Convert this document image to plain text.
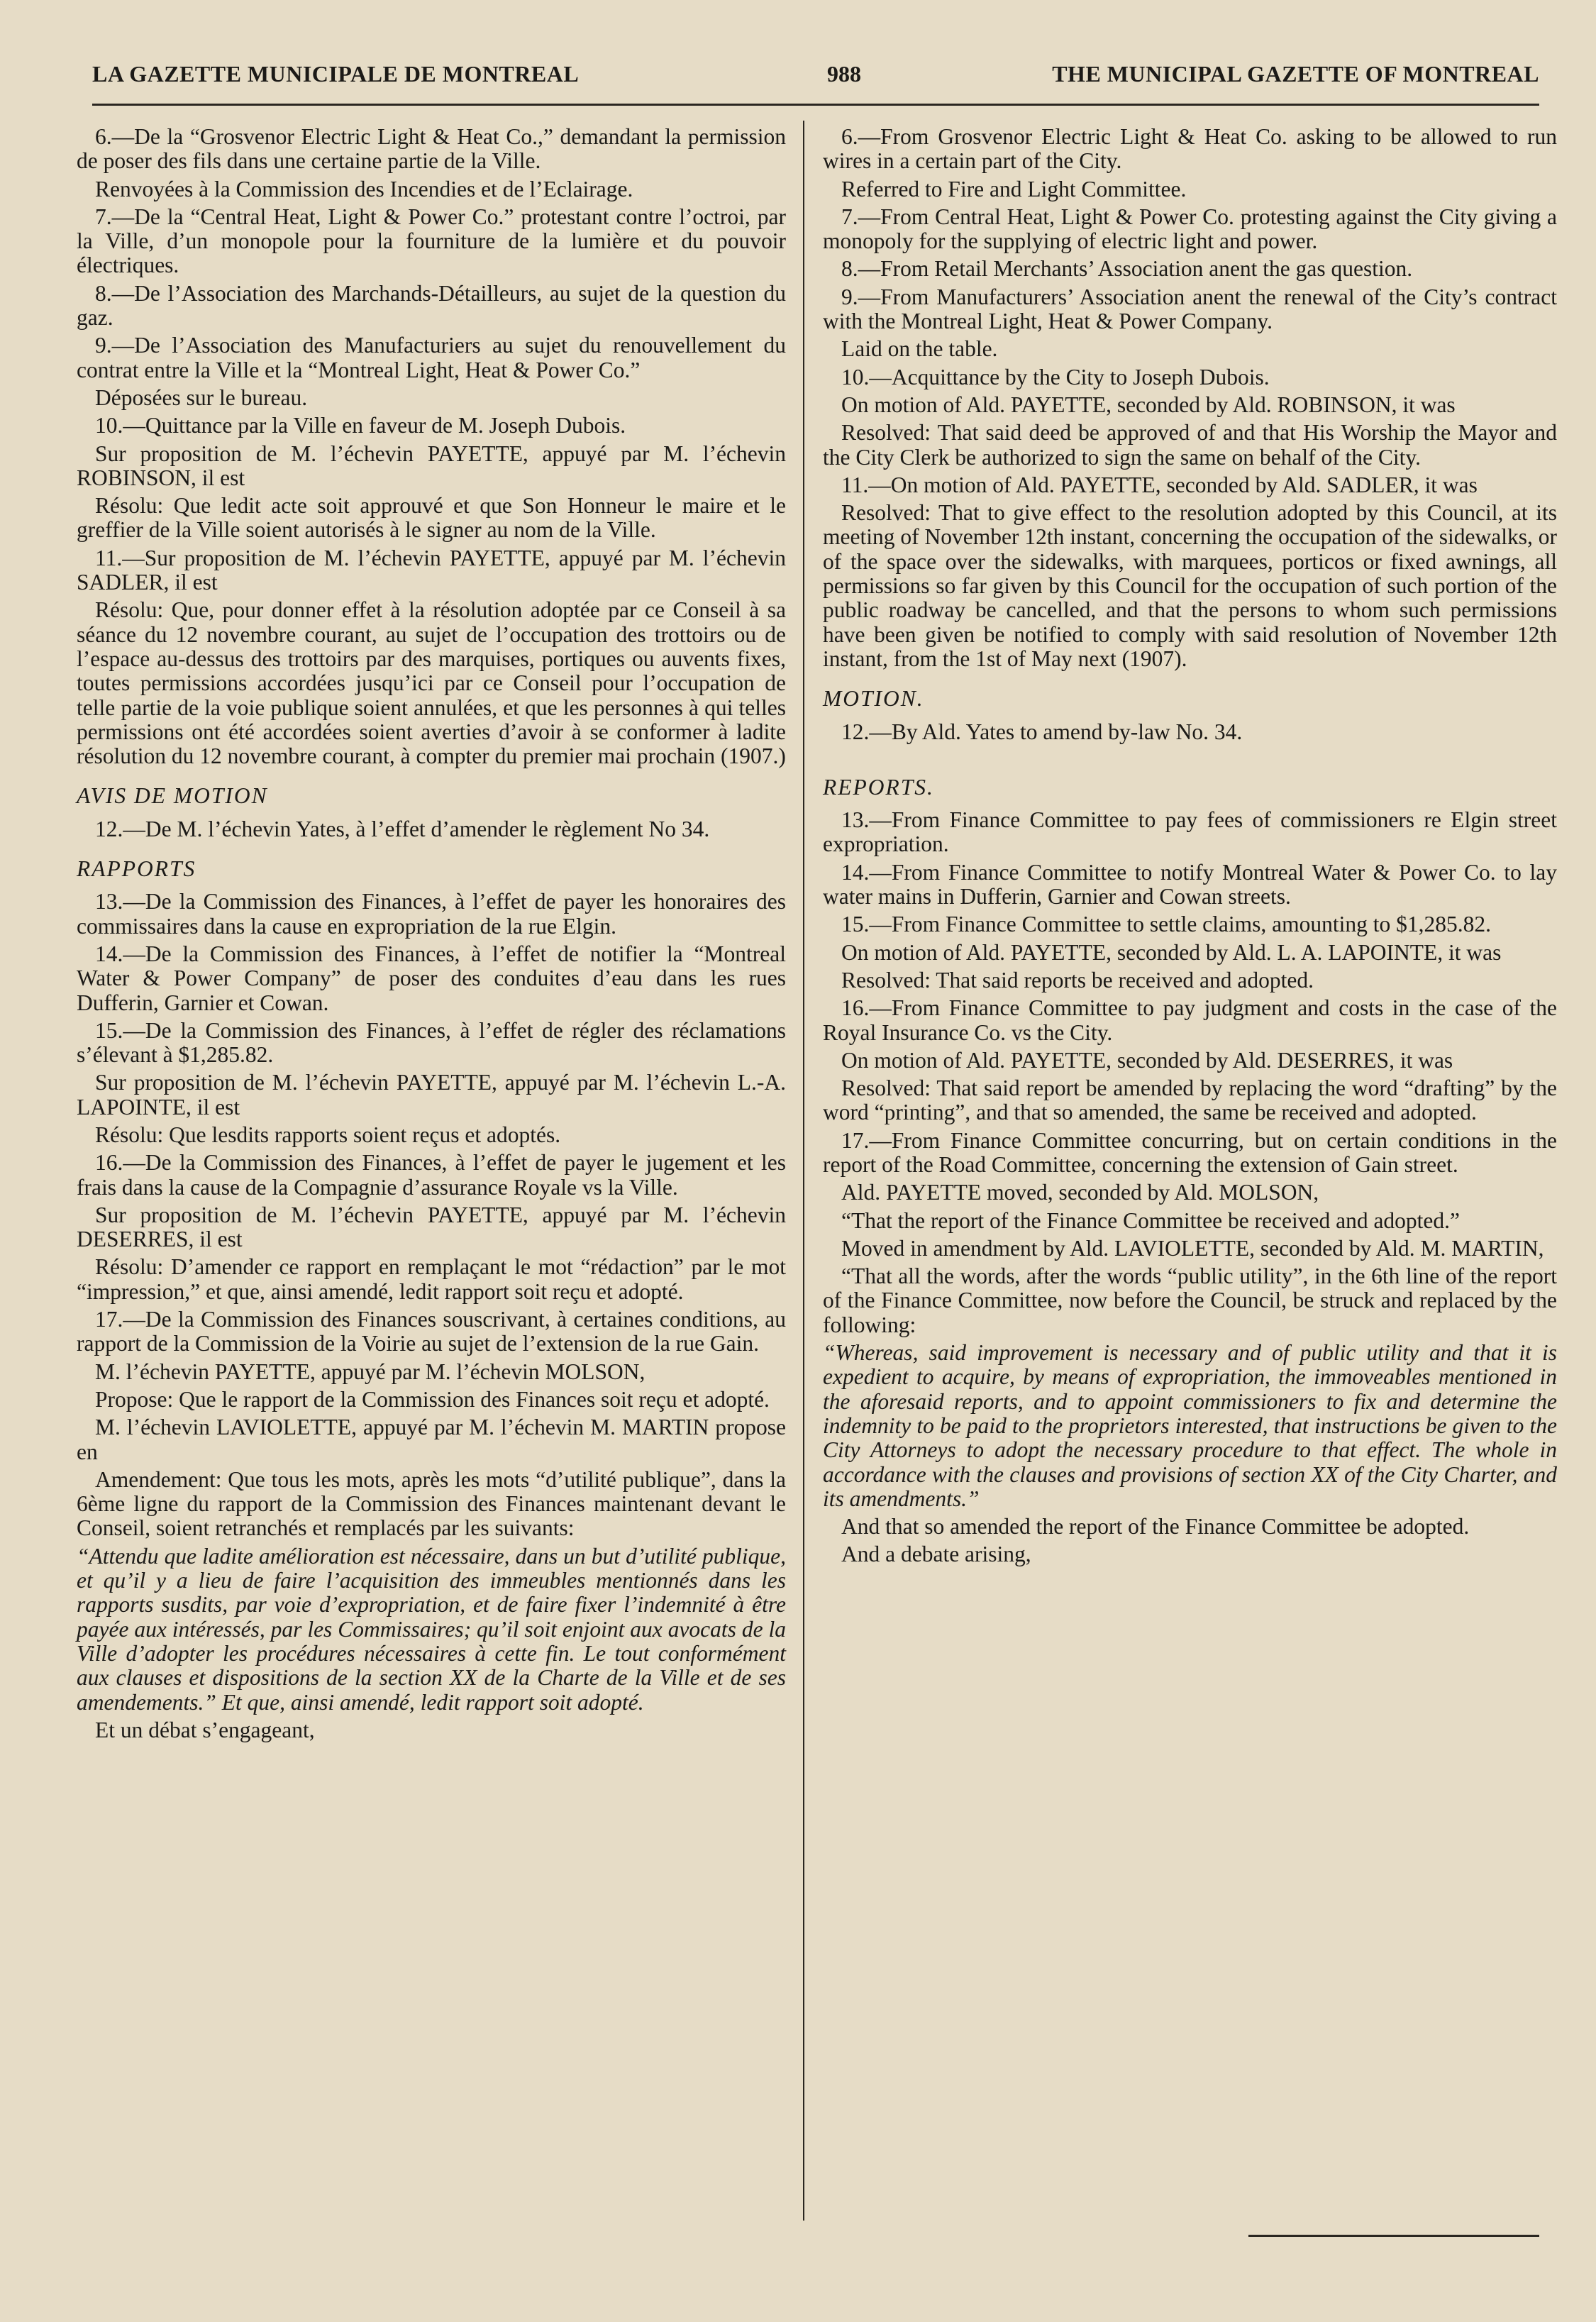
LA GAZETTE MUNICIPALE DE MONTREAL	988	THE MUNICIPAL GAZETTE OF MONTREAL

6.—De la “Grosvenor Electric Light & Heat Co.,” demandant la permission de poser des fils dans une certaine partie de la Ville.

Renvoyées à la Commission des Incendies et de l’Eclairage.

7.—De la “Central Heat, Light & Power Co.” protestant contre l’octroi, par la Ville, d’un monopole pour la fourniture de la lumière et du pouvoir électriques.

8.—De l’Association des Marchands-Détailleurs, au sujet de la question du gaz.

9.—De l’Association des Manufacturiers au sujet du renouvellement du contrat entre la Ville et la “Montreal Light, Heat & Power Co.”

Déposées sur le bureau.

10.—Quittance par la Ville en faveur de M. Joseph Dubois.

Sur proposition de M. l’échevin PAYETTE, appuyé par M. l’échevin ROBINSON, il est

Résolu: Que ledit acte soit approuvé et que Son Honneur le maire et le greffier de la Ville soient autorisés à le signer au nom de la Ville.

11.—Sur proposition de M. l’échevin PAYETTE, appuyé par M. l’échevin SADLER, il est

Résolu: Que, pour donner effet à la résolution adoptée par ce Conseil à sa séance du 12 novembre courant, au sujet de l’occupation des trottoirs ou de l’espace au-dessus des trottoirs par des marquises, portiques ou auvents fixes, toutes permissions accordées jusqu’ici par ce Conseil pour l’occupation de telle partie de la voie publique soient annulées, et que les personnes à qui telles permissions ont été accordées soient averties d’avoir à se conformer à ladite résolution du 12 novembre courant, à compter du premier mai prochain (1907.)

AVIS DE MOTION

12.—De M. l’échevin Yates, à l’effet d’amender le règlement No 34.

RAPPORTS

13.—De la Commission des Finances, à l’effet de payer les honoraires des commissaires dans la cause en expropriation de la rue Elgin.

14.—De la Commission des Finances, à l’effet de notifier la “Montreal Water & Power Company” de poser des conduites d’eau dans les rues Dufferin, Garnier et Cowan.

15.—De la Commission des Finances, à l’effet de régler des réclamations s’élevant à $1,285.82.

Sur proposition de M. l’échevin PAYETTE, appuyé par M. l’échevin L.-A. LAPOINTE, il est

Résolu: Que lesdits rapports soient reçus et adoptés.

16.—De la Commission des Finances, à l’effet de payer le jugement et les frais dans la cause de la Compagnie d’assurance Royale vs la Ville.

Sur proposition de M. l’échevin PAYETTE, appuyé par M. l’échevin DESERRES, il est

Résolu: D’amender ce rapport en remplaçant le mot “rédaction” par le mot “impression,” et que, ainsi amendé, ledit rapport soit reçu et adopté.

17.—De la Commission des Finances souscrivant, à certaines conditions, au rapport de la Commission de la Voirie au sujet de l’extension de la rue Gain.

M. l’échevin PAYETTE, appuyé par M. l’échevin MOLSON,

Propose: Que le rapport de la Commission des Finances soit reçu et adopté.

M. l’échevin LAVIOLETTE, appuyé par M. l’échevin M. MARTIN propose en

Amendement: Que tous les mots, après les mots “d’utilité publique”, dans la 6ème ligne du rapport de la Commission des Finances maintenant devant le Conseil, soient retranchés et remplacés par les suivants:

“Attendu que ladite amélioration est nécessaire, dans un but d’utilité publique, et qu’il y a lieu de faire l’acquisition des immeubles mentionnés dans les rapports susdits, par voie d’expropriation, et de faire fixer l’indemnité à être payée aux intéressés, par les Commissaires; qu’il soit enjoint aux avocats de la Ville d’adopter les procédures nécessaires à cette fin. Le tout conformément aux clauses et dispositions de la section XX de la Charte de la Ville et de ses amendements.” Et que, ainsi amendé, ledit rapport soit adopté.

Et un débat s’engageant,

6.—From Grosvenor Electric Light & Heat Co. asking to be allowed to run wires in a certain part of the City.

Referred to Fire and Light Committee.

7.—From Central Heat, Light & Power Co. protesting against the City giving a monopoly for the supplying of electric light and power.

8.—From Retail Merchants’ Association anent the gas question.

9.—From Manufacturers’ Association anent the renewal of the City’s contract with the Montreal Light, Heat & Power Company.

Laid on the table.

10.—Acquittance by the City to Joseph Dubois.

On motion of Ald. PAYETTE, seconded by Ald. ROBINSON, it was

Resolved: That said deed be approved of and that His Worship the Mayor and the City Clerk be authorized to sign the same on behalf of the City.

11.—On motion of Ald. PAYETTE, seconded by Ald. SADLER, it was

Resolved: That to give effect to the resolution adopted by this Council, at its meeting of November 12th instant, concerning the occupation of the sidewalks, or of the space over the sidewalks, with marquees, porticos or fixed awnings, all permissions so far given by this Council for the occupation of such portion of the public roadway be cancelled, and that the persons to whom such permissions have been given be notified to comply with said resolution of November 12th instant, from the 1st of May next (1907).

MOTION.

12.—By Ald. Yates to amend by-law No. 34.

REPORTS.

13.—From Finance Committee to pay fees of commissioners re Elgin street expropriation.

14.—From Finance Committee to notify Montreal Water & Power Co. to lay water mains in Dufferin, Garnier and Cowan streets.

15.—From Finance Committee to settle claims, amounting to $1,285.82.

On motion of Ald. PAYETTE, seconded by Ald. L. A. LAPOINTE, it was

Resolved: That said reports be received and adopted.

16.—From Finance Committee to pay judgment and costs in the case of the Royal Insurance Co. vs the City.

On motion of Ald. PAYETTE, seconded by Ald. DESERRES, it was

Resolved: That said report be amended by replacing the word “drafting” by the word “printing”, and that so amended, the same be received and adopted.

17.—From Finance Committee concurring, but on certain conditions in the report of the Road Committee, concerning the extension of Gain street.

Ald. PAYETTE moved, seconded by Ald. MOLSON,

“That the report of the Finance Committee be received and adopted.”

Moved in amendment by Ald. LAVIOLETTE, seconded by Ald. M. MARTIN,

“That all the words, after the words “public utility”, in the 6th line of the report of the Finance Committee, now before the Council, be struck and replaced by the following:

“Whereas, said improvement is necessary and of public utility and that it is expedient to acquire, by means of expropriation, the immoveables mentioned in the aforesaid reports, and to appoint commissioners to fix and determine the indemnity to be paid to the proprietors interested, that instructions be given to the City Attorneys to adopt the necessary procedure to that effect. The whole in accordance with the clauses and provisions of section XX of the City Charter, and its amendments.”

And that so amended the report of the Finance Committee be adopted.

And a debate arising,
